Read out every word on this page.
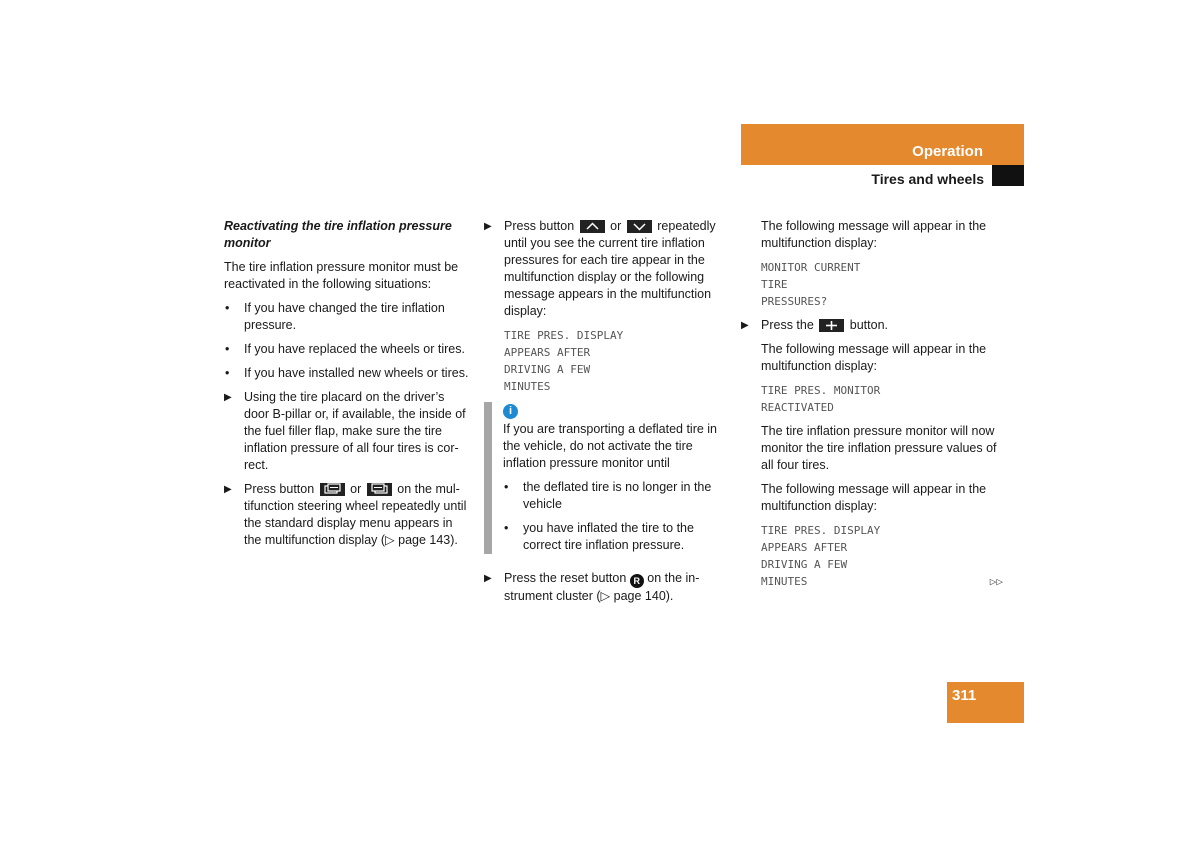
Operation
Tires and wheels
Reactivating the tire inflation pressure monitor

The tire inflation pressure monitor must be reactivated in the following situations:

• If you have changed the tire inflation pressure.
• If you have replaced the wheels or tires.
• If you have installed new wheels or tires.
▶ Using the tire placard on the driver’s door B-pillar or, if available, the inside of the fuel filler flap, make sure the tire inflation pressure of all four tires is cor-rect.
▶ Press button	or	on the mul-tifunction steering wheel repeatedly until the standard display menu appears in the multifunction display (▷ page 143).
▶ Press button	or	repeatedly until you see the current tire inflation pressures for each tire appear in the multifunction display or the following message appears in the multifunction display:
TIRE PRES. DISPLAY
APPEARS AFTER
DRIVING A FEW
MINUTES
i

If you are transporting a deflated tire in the vehicle, do not activate the tire inflation pressure monitor until

• the deflated tire is no longer in the vehicle
• you have inflated the tire to the correct tire inflation pressure.
▶ Press the reset button R on the in-strument cluster (▷ page 140).

The following message will appear in the multifunction display:

MONITOR CURRENT
TIRE
PRESSURES?
▶ Press the	button.

The following message will appear in the multifunction display:

TIRE PRES. MONITOR
REACTIVATED

The tire inflation pressure monitor will now monitor the tire inflation pressure values of all four tires.

The following message will appear in the multifunction display:

TIRE PRES. DISPLAY
APPEARS AFTER
DRIVING A FEW
MINUTES	▷▷
311
